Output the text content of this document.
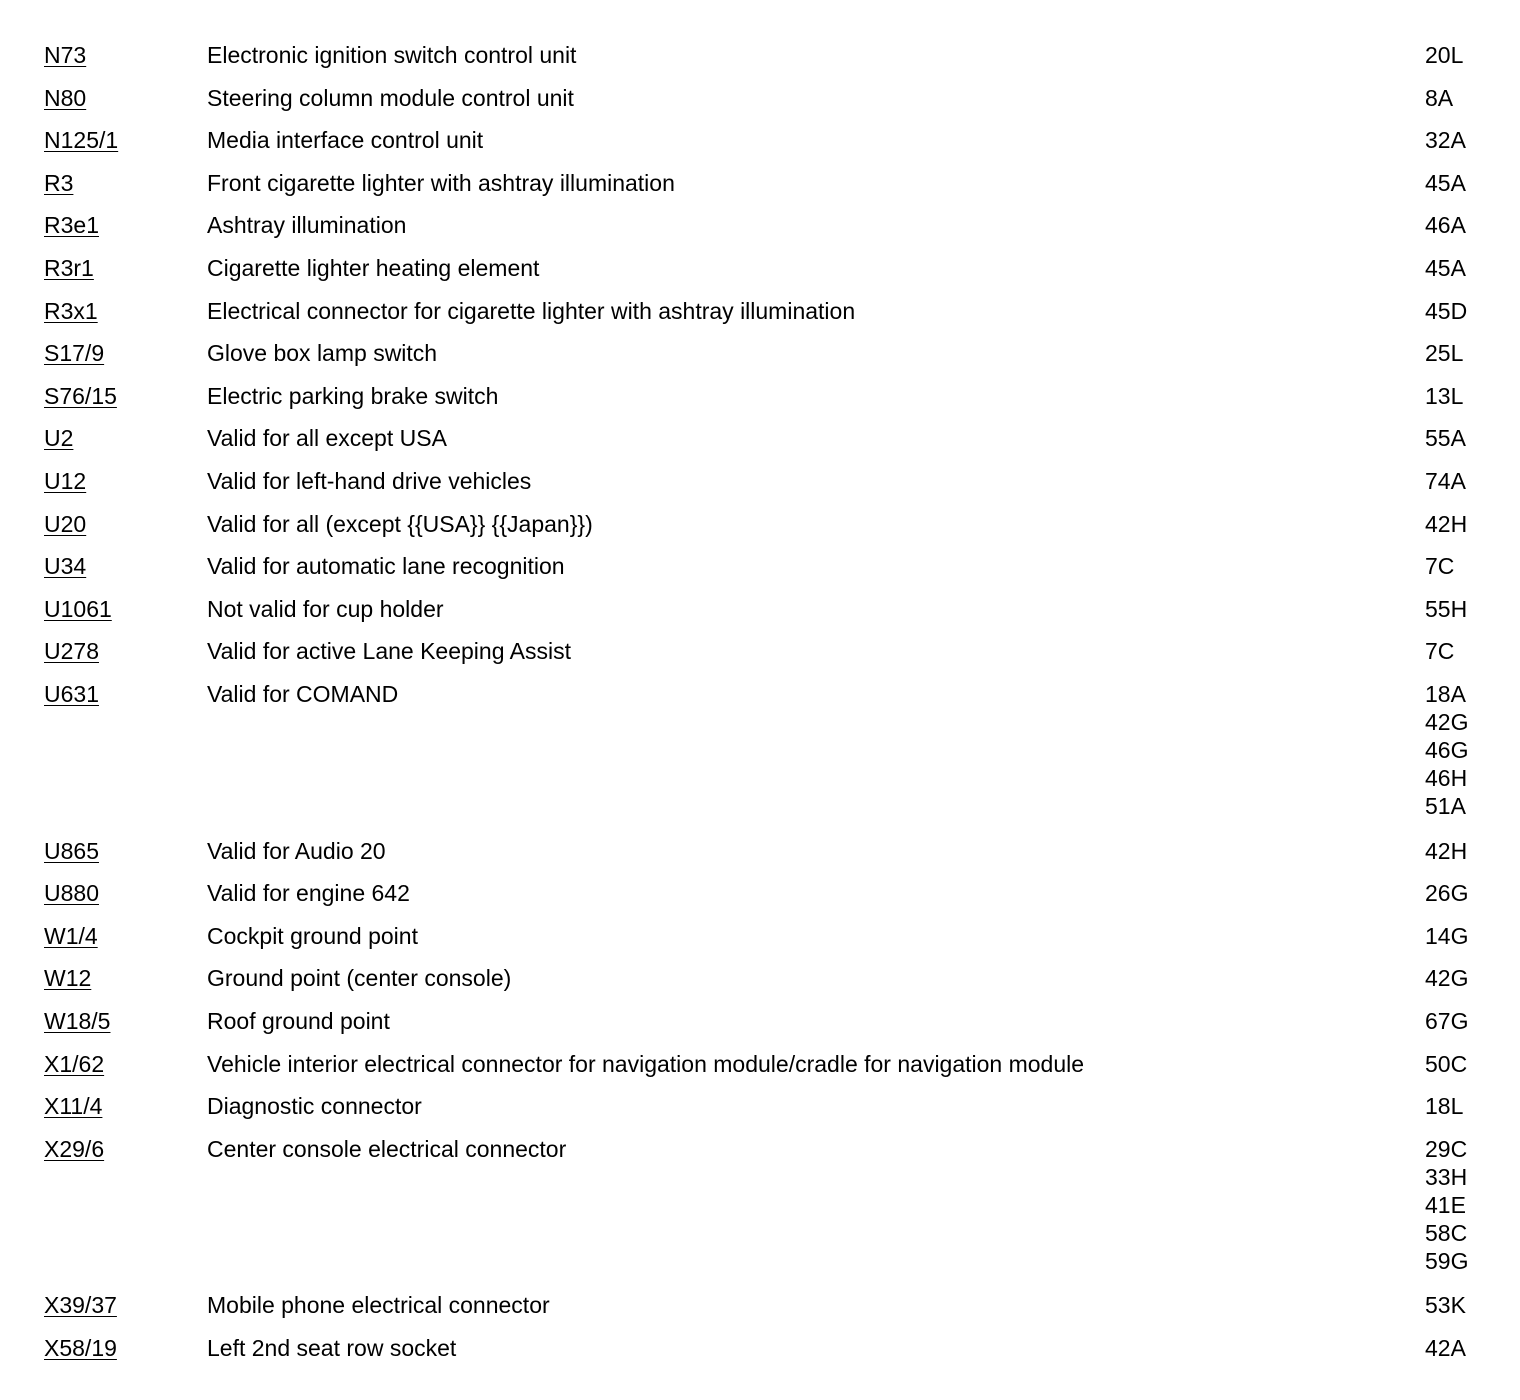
N73	Electronic ignition switch control unit	20L
N80	Steering column module control unit	8A
N125/1	Media interface control unit	32A
R3	Front cigarette lighter with ashtray illumination	45A
R3e1	Ashtray illumination	46A
R3r1	Cigarette lighter heating element	45A
R3x1	Electrical connector for cigarette lighter with ashtray illumination	45D
S17/9	Glove box lamp switch	25L
S76/15	Electric parking brake switch	13L
U2	Valid for all except USA	55A
U12	Valid for left-hand drive vehicles	74A
U20	Valid for all (except {{USA}} {{Japan}})	42H
U34	Valid for automatic lane recognition	7C
U1061	Not valid for cup holder	55H
U278	Valid for active Lane Keeping Assist	7C
U631	Valid for COMAND	18A
42G
46G
46H
51A
U865	Valid for Audio 20	42H
U880	Valid for engine 642	26G
W1/4	Cockpit ground point	14G
W12	Ground point (center console)	42G
W18/5	Roof ground point	67G
X1/62	Vehicle interior electrical connector for navigation module/cradle for navigation module	50C
X11/4	Diagnostic connector	18L
X29/6	Center console electrical connector	29C
33H
41E
58C
59G
X39/37	Mobile phone electrical connector	53K
X58/19	Left 2nd seat row socket	42A
